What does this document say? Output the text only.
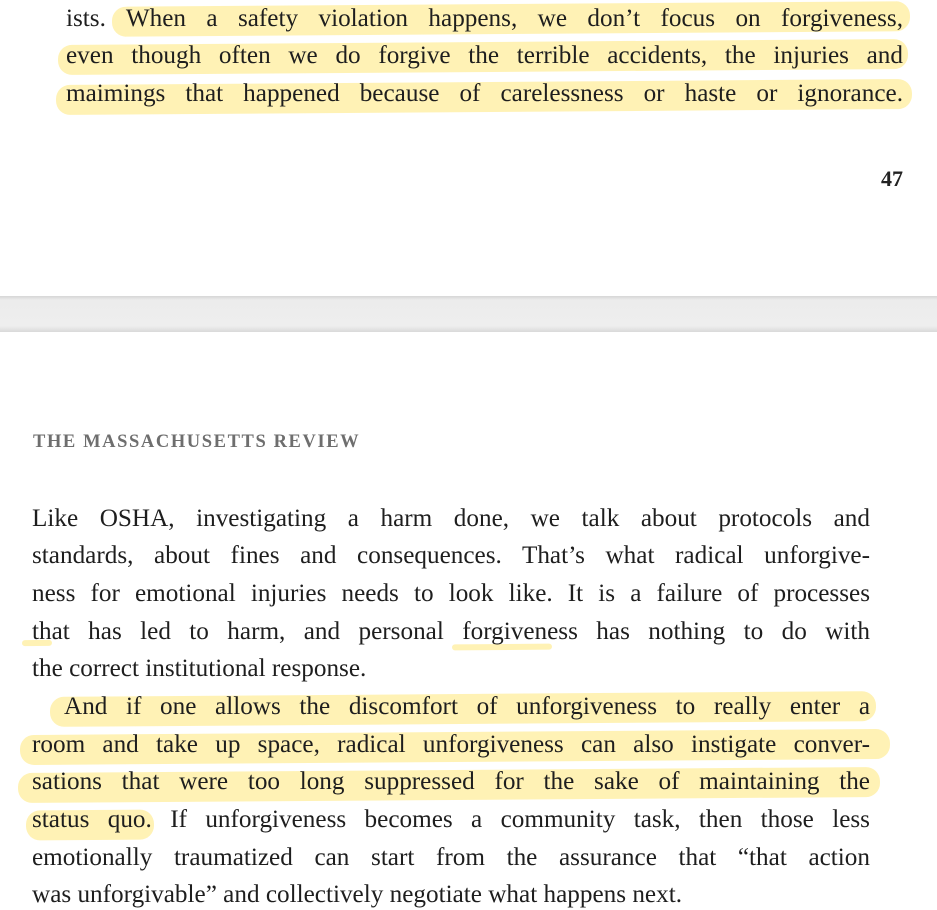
ists. When a safety violation happens, we don’t focus on forgiveness,
even though often we do forgive the terrible accidents, the injuries and
maimings that happened because of carelessness or haste or ignorance.
47
THE MASSACHUSETTS REVIEW
Like OSHA, investigating a harm done, we talk about protocols and
standards, about fines and consequences. That’s what radical unforgive-
ness for emotional injuries needs to look like. It is a failure of processes
that has led to harm, and personal forgiveness has nothing to do with
the correct institutional response.
And if one allows the discomfort of unforgiveness to really enter a
room and take up space, radical unforgiveness can also instigate conver-
sations that were too long suppressed for the sake of maintaining the
status quo. If unforgiveness becomes a community task, then those less
emotionally traumatized can start from the assurance that “that action
was unforgivable” and collectively negotiate what happens next.
